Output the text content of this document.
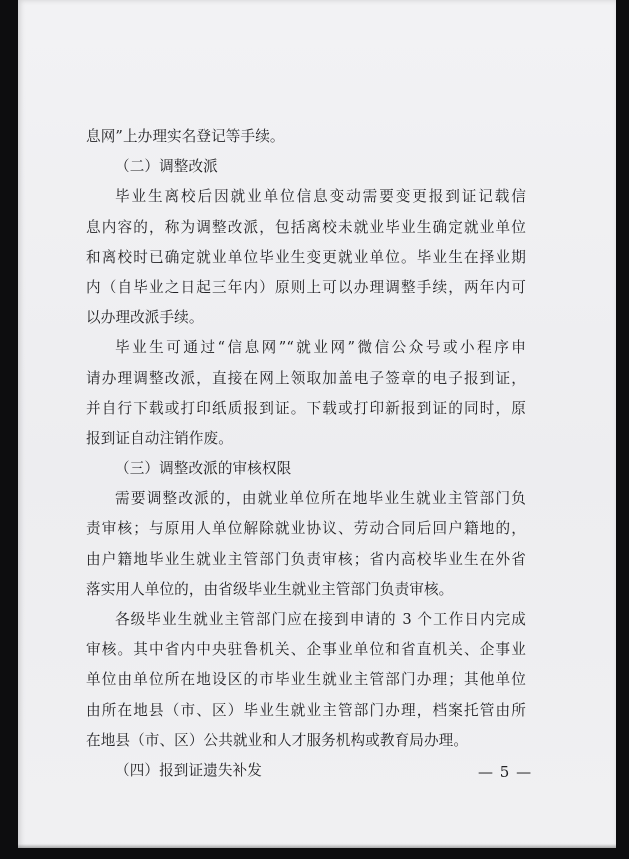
息网”上办理实名登记等手续。
（二）调整改派
毕业生离校后因就业单位信息变动需要变更报到证记载信
息内容的，称为调整改派，包括离校未就业毕业生确定就业单位
和离校时已确定就业单位毕业生变更就业单位。毕业生在择业期
内（自毕业之日起三年内）原则上可以办理调整手续，两年内可
以办理改派手续。
毕业生可通过“信息网”“就业网”微信公众号或小程序申
请办理调整改派，直接在网上领取加盖电子签章的电子报到证，
并自行下载或打印纸质报到证。下载或打印新报到证的同时，原
报到证自动注销作废。
（三）调整改派的审核权限
需要调整改派的，由就业单位所在地毕业生就业主管部门负
责审核；与原用人单位解除就业协议、劳动合同后回户籍地的，
由户籍地毕业生就业主管部门负责审核；省内高校毕业生在外省
落实用人单位的，由省级毕业生就业主管部门负责审核。
各级毕业生就业主管部门应在接到申请的 3 个工作日内完成
审核。其中省内中央驻鲁机关、企事业单位和省直机关、企事业
单位由单位所在地设区的市毕业生就业主管部门办理；其他单位
由所在地县（市、区）毕业生就业主管部门办理，档案托管由所
在地县（市、区）公共就业和人才服务机构或教育局办理。
（四）报到证遗失补发	— 5 —
